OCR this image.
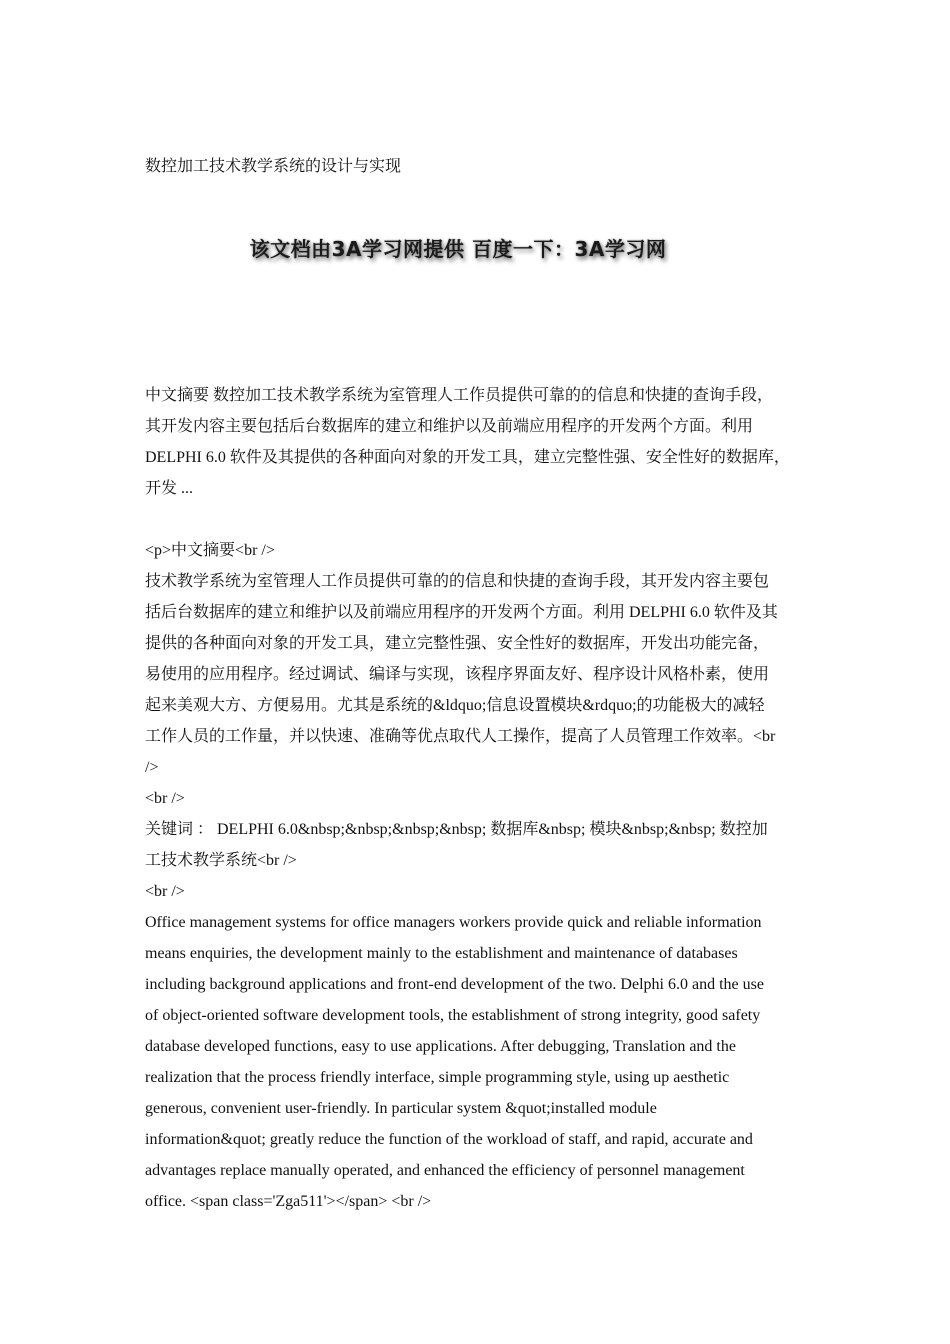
数控加工技术教学系统的设计与实现
该文档由3A学习网提供 百度一下：3A学习网
中文摘要 数控加工技术教学系统为室管理人工作员提供可靠的的信息和快捷的查询手段，
其开发内容主要包括后台数据库的建立和维护以及前端应用程序的开发两个方面。利用
DELPHI 6.0 软件及其提供的各种面向对象的开发工具，建立完整性强、安全性好的数据库，
开发 ...
<p>中文摘要<br />
技术教学系统为室管理人工作员提供可靠的的信息和快捷的查询手段，其开发内容主要包
括后台数据库的建立和维护以及前端应用程序的开发两个方面。利用 DELPHI 6.0 软件及其
提供的各种面向对象的开发工具，建立完整性强、安全性好的数据库，开发出功能完备，
易使用的应用程序。经过调试、编译与实现，该程序界面友好、程序设计风格朴素，使用
起来美观大方、方便易用。尤其是系统的&ldquo;信息设置模块&rdquo;的功能极大的减轻
工作人员的工作量，并以快速、准确等优点取代人工操作，提高了人员管理工作效率。<br
/>
<br />
关键词 ： DELPHI 6.0&nbsp;&nbsp;&nbsp;&nbsp; 数据库&nbsp; 模块&nbsp;&nbsp; 数控加
工技术教学系统<br />
<br />
Office management systems for office managers workers provide quick and reliable information
means enquiries, the development mainly to the establishment and maintenance of databases
including background applications and front-end development of the two. Delphi 6.0 and the use
of object-oriented software development tools, the establishment of strong integrity, good safety
database developed functions, easy to use applications. After debugging, Translation and the
realization that the process friendly interface, simple programming style, using up aesthetic
generous, convenient user-friendly. In particular system &quot;installed module
information&quot; greatly reduce the function of the workload of staff, and rapid, accurate and
advantages replace manually operated, and enhanced the efficiency of personnel management
office. <span class='Zga511'></span> <br />
